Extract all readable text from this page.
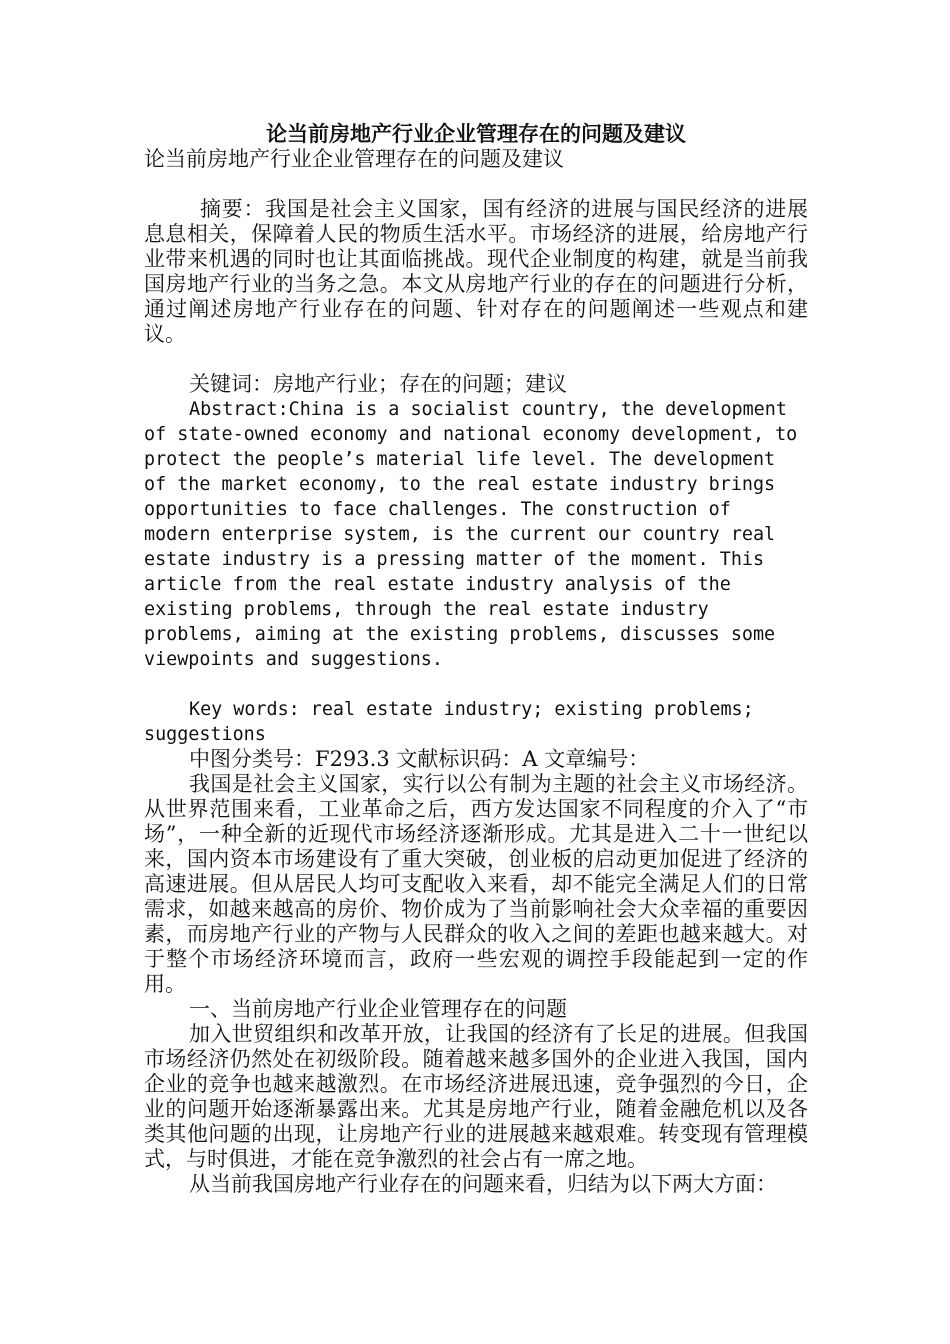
论当前房地产行业企业管理存在的问题及建议

论当前房地产行业企业管理存在的问题及建议

摘要：我国是社会主义国家，国有经济的进展与国民经济的进展息息相关，保障着人民的物质生活水平。市场经济的进展，给房地产行业带来机遇的同时也让其面临挑战。现代企业制度的构建，就是当前我国房地产行业的当务之急。本文从房地产行业的存在的问题进行分析，通过阐述房地产行业存在的问题、针对存在的问题阐述一些观点和建议。

关键词：房地产行业；存在的问题；建议

Abstract:China is a socialist country, the development of state-owned economy and national economy development, to protect the people’s material life level. The development of the market economy, to the real estate industry brings opportunities to face challenges. The construction of modern enterprise system, is the current our country real estate industry is a pressing matter of the moment. This article from the real estate industry analysis of the existing problems, through the real estate industry problems, aiming at the existing problems, discusses some viewpoints and suggestions.

Key words: real estate industry; existing problems; suggestions

中图分类号：F293.3 文献标识码：A 文章编号：

我国是社会主义国家，实行以公有制为主题的社会主义市场经济。从世界范围来看，工业革命之后，西方发达国家不同程度的介入了“市场”，一种全新的近现代市场经济逐渐形成。尤其是进入二十一世纪以来，国内资本市场建设有了重大突破，创业板的启动更加促进了经济的高速进展。但从居民人均可支配收入来看，却不能完全满足人们的日常需求，如越来越高的房价、物价成为了当前影响社会大众幸福的重要因素，而房地产行业的产物与人民群众的收入之间的差距也越来越大。对于整个市场经济环境而言，政府一些宏观的调控手段能起到一定的作用。

一、当前房地产行业企业管理存在的问题

加入世贸组织和改革开放，让我国的经济有了长足的进展。但我国市场经济仍然处在初级阶段。随着越来越多国外的企业进入我国，国内企业的竞争也越来越激烈。在市场经济进展迅速，竞争强烈的今日，企业的问题开始逐渐暴露出来。尤其是房地产行业，随着金融危机以及各类其他问题的出现，让房地产行业的进展越来越艰难。转变现有管理模式，与时俱进，才能在竞争激烈的社会占有一席之地。

从当前我国房地产行业存在的问题来看，归结为以下两大方面：
